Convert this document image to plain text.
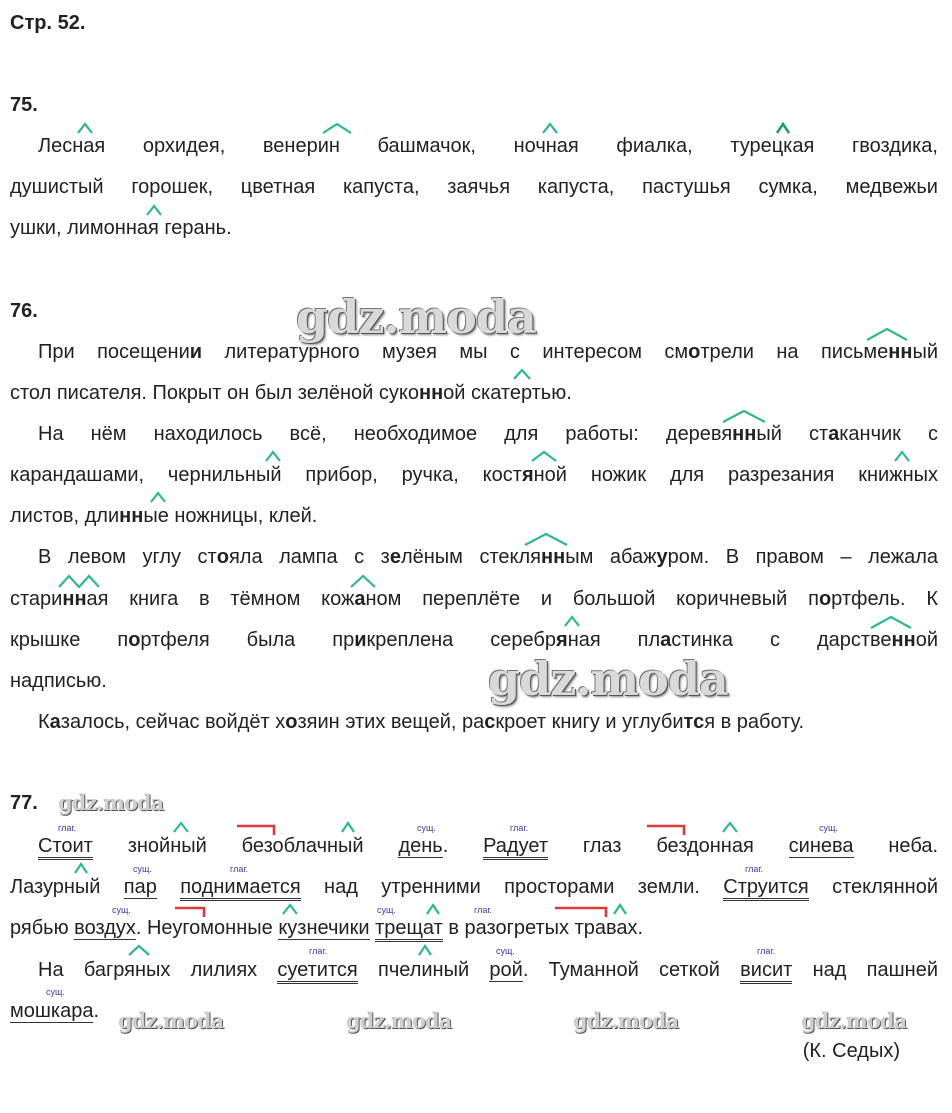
Стр. 52.
75.
Лесная орхидея, венерин башмачок, ночная фиалка, турецкая гвоздика,
душистый горошек, цветная капуста, заячья капуста, пастушья сумка, медвежьи
ушки, лимонная герань.
76.	gdz.moda
При посещении литературного музея мы с интересом смотрели на письменный
стол писателя. Покрыт он был зелёной суконной скатертью.
На нём находилось всё, необходимое для работы: деревянный стаканчик с
карандашами, чернильный прибор, ручка, костяной ножик для разрезания книжных
листов, длинные ножницы, клей.
В левом углу стояла лампа с зелёным стеклянным абажуром. В правом – лежала
старинная книга в тёмном кожаном переплёте и большой коричневый портфель. К
крышке портфеля была прикреплена серебряная пластинка с дарственной
надписью.	gdz.moda
Казалось, сейчас войдёт хозяин этих вещей, раскроет книгу и углубится в работу.
77. gdz.moda
Стоит знойный безоблачный день. Радует глаз бездонная синева неба.
Лазурный пар поднимается над утренними просторами земли. Струится стеклянной
рябью воздух. Неугомонные кузнечики трещат в разогретых травах.
На багряных лилиях суетится пчелиный рой. Туманной сеткой висит над пашней
мошкара. gdz.moda	gdz.moda	gdz.moda	gdz.moda
(К. Седых)
глаг.	сущ.	глаг.	сущ.
сущ.	глаг.	глаг.
сущ.	сущ.	глаг.
глаг.	сущ.	глаг.
сущ.
